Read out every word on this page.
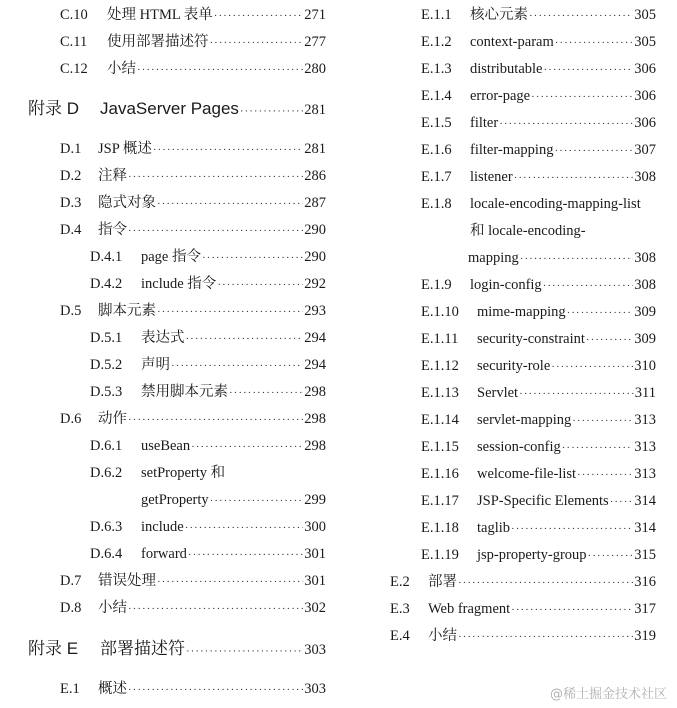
C.10	处理 HTML 表单 ·····	271
C.11	使用部署描述符 ·····	277
C.12	小结 ·····	280
附录 D	JavaServer Pages ·····	281
D.1	JSP 概述 ·····	281
D.2	注释 ·····	286
D.3	隐式对象 ·····	287
D.4	指令 ·····	290
D.4.1	page 指令 ·····	290
D.4.2	include 指令 ·····	292
D.5	脚本元素 ·····	293
D.5.1	表达式 ·····	294
D.5.2	声明 ·····	294
D.5.3	禁用脚本元素 ·····	298
D.6	动作 ·····	298
D.6.1	useBean ·····	298
D.6.2 setProperty 和
getProperty ·····	299
D.6.3	include ·····	300
D.6.4	forward ·····	301
D.7	错误处理 ·····	301
D.8	小结 ·····	302
附录 E	部署描述符 ·····	303
E.1	概述 ·····	303
E.1.1	核心元素 ·····	305
E.1.2	context-param ·····	305
E.1.3	distributable ·····	306
E.1.4	error-page ·····	306
E.1.5	filter ·····	306
E.1.6	filter-mapping ·····	307
E.1.7	listener ·····	308
E.1.8 locale-encoding-mapping-list
和 locale-encoding-
mapping ·····	308
E.1.9	login-config ·····	308
E.1.10	mime-mapping ·····	309
E.1.11	security-constraint ·····	309
E.1.12	security-role ·····	310
E.1.13	Servlet ·····	311
E.1.14	servlet-mapping ·····	313
E.1.15	session-config ·····	313
E.1.16	welcome-file-list ·····	313
E.1.17	JSP-Specific Elements ····· 314
E.1.18	taglib ·····	314
E.1.19	jsp-property-group ·····	315
E.2	部署 ·····	316
E.3	Web fragment ·····	317
E.4	小结 ·····	319
@稀土掘金技术社区
